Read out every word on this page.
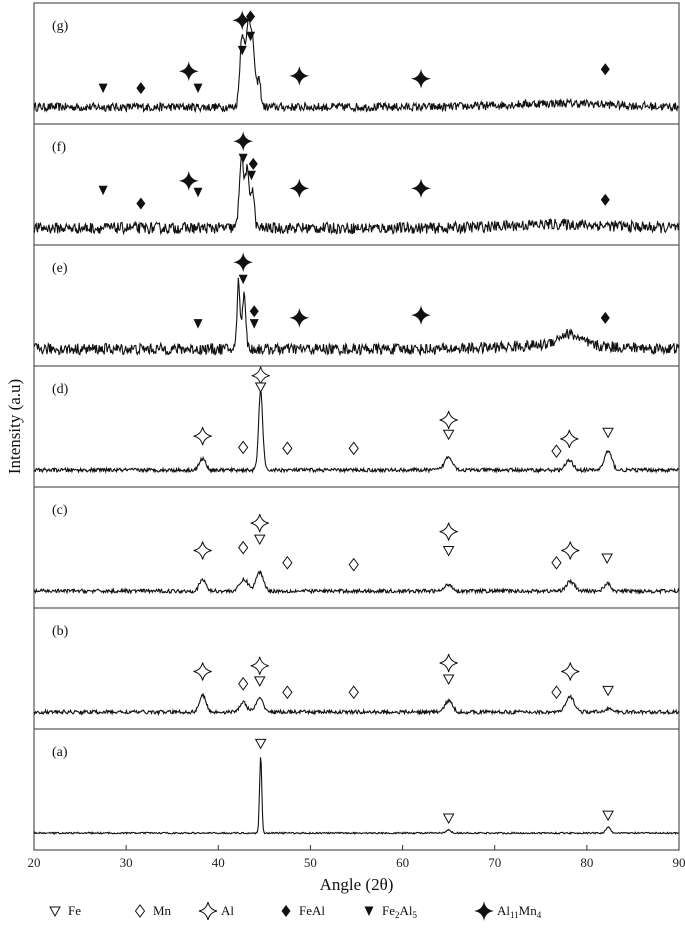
(g)
(f)
(e)
(d)
(c)
(b)
(a)
20	30	40	50	60	70	80	90
Angle (2θ)
Intensity (a.u)
Fe	Mn	Al	FeAl	$Fe_2Al_5$	$Al_{11}Mn_4$
